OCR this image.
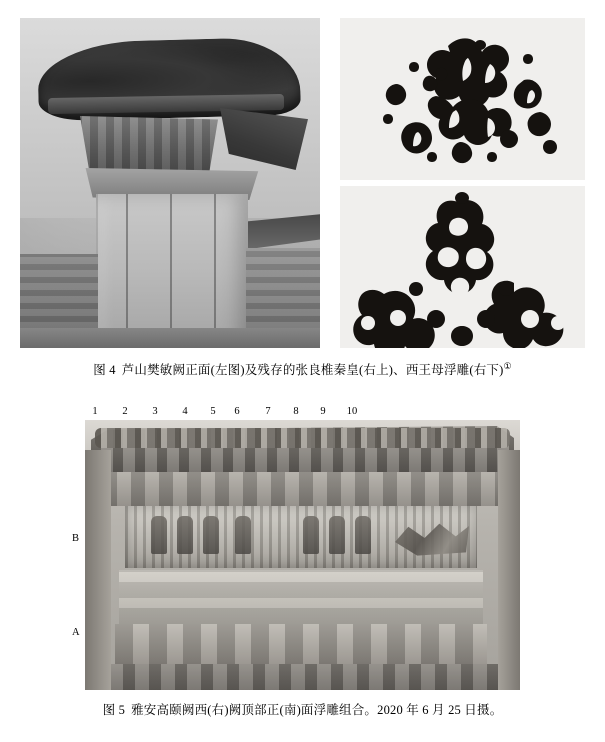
图 4 芦山樊敏阙正面(左图)及残存的张良椎秦皇(右上)、西王母浮雕(右下)①
1 2 3 4 5 6 7 8 9 10
B
A
图 5 雅安高颐阙西(右)阙顶部正(南)面浮雕组合。2020 年 6 月 25 日摄。
